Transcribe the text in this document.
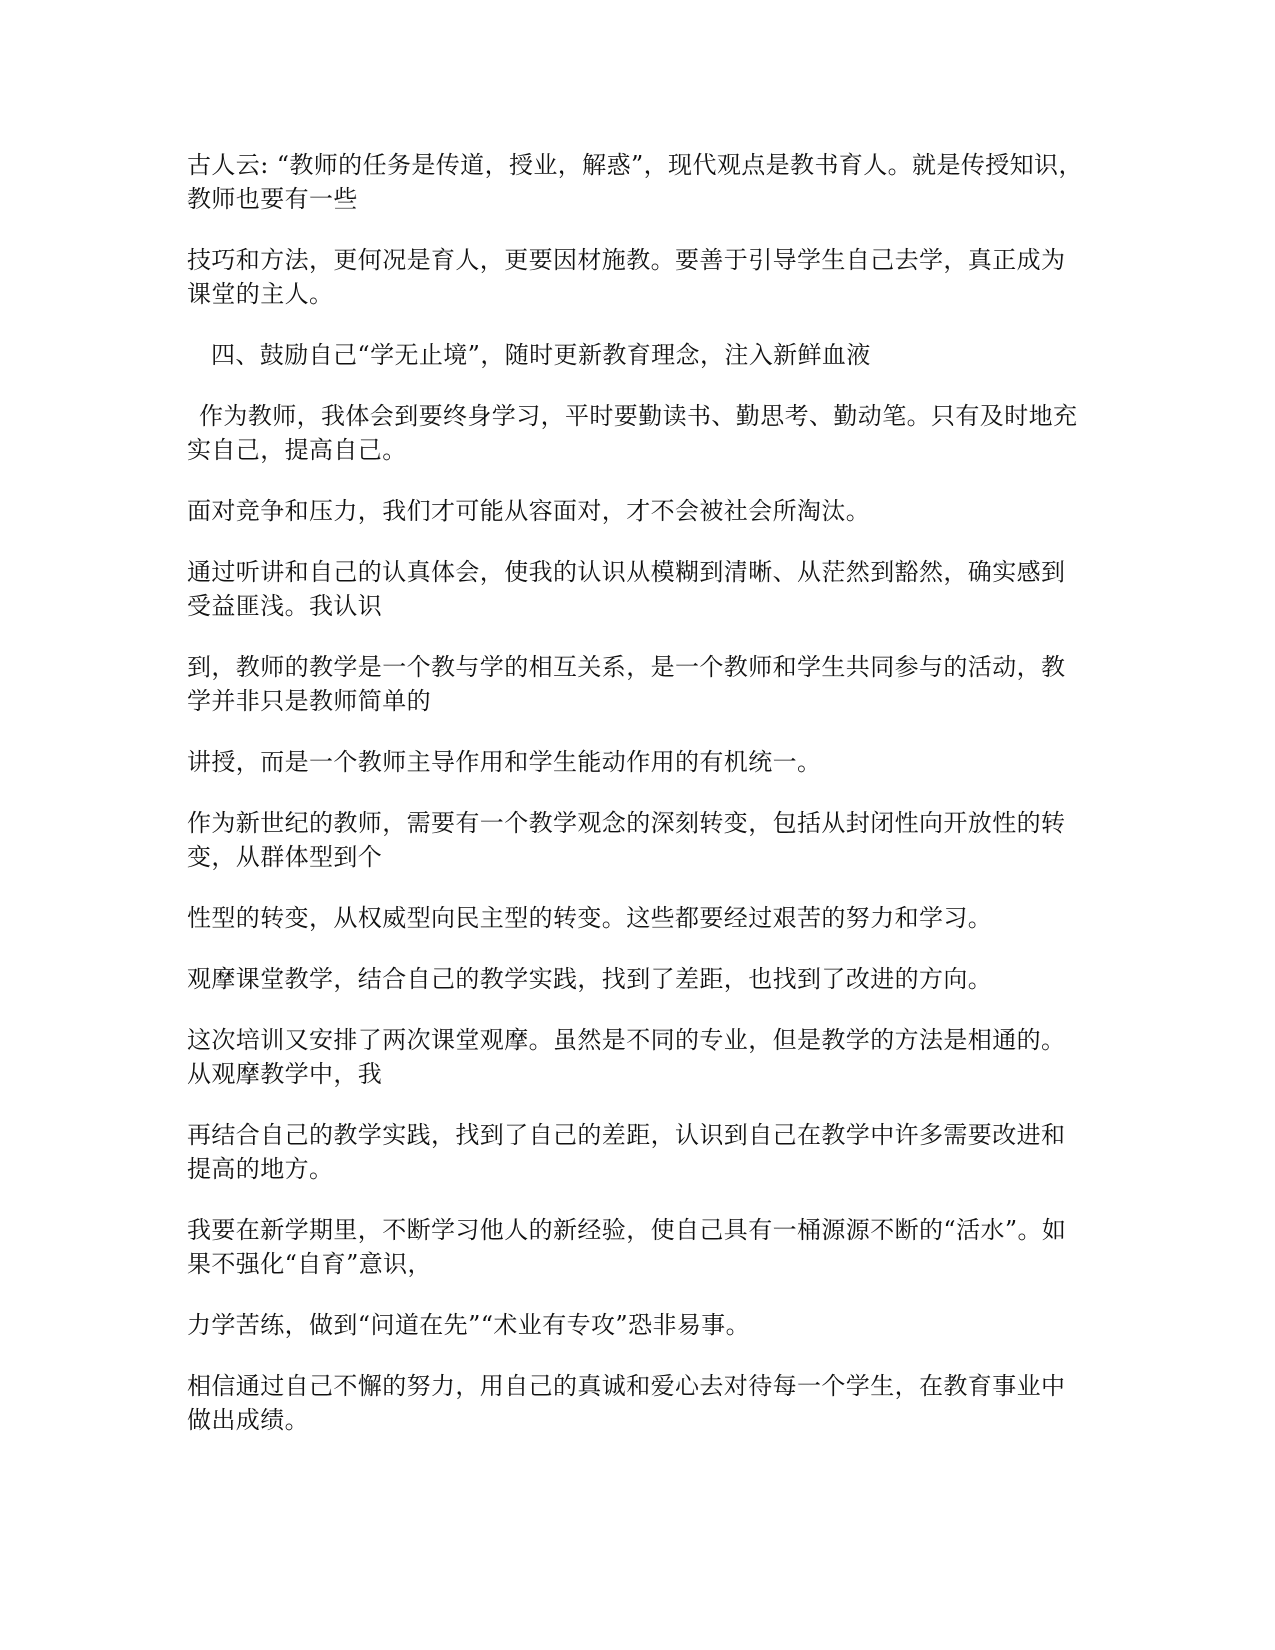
古人云: “教师的任务是传道，授业，解惑”，现代观点是教书育人。就是传授知识，教师也要有一些

技巧和方法，更何况是育人，更要因材施教。要善于引导学生自己去学，真正成为课堂的主人。

四、鼓励自己“学无止境”，随时更新教育理念，注入新鲜血液

作为教师，我体会到要终身学习，平时要勤读书、勤思考、勤动笔。只有及时地充实自己，提高自己。

面对竞争和压力，我们才可能从容面对，才不会被社会所淘汰。

通过听讲和自己的认真体会，使我的认识从模糊到清晰、从茫然到豁然，确实感到受益匪浅。我认识

到，教师的教学是一个教与学的相互关系，是一个教师和学生共同参与的活动，教学并非只是教师简单的

讲授，而是一个教师主导作用和学生能动作用的有机统一。

作为新世纪的教师，需要有一个教学观念的深刻转变，包括从封闭性向开放性的转变，从群体型到个

性型的转变，从权威型向民主型的转变。这些都要经过艰苦的努力和学习。

观摩课堂教学，结合自己的教学实践，找到了差距，也找到了改进的方向。

这次培训又安排了两次课堂观摩。虽然是不同的专业，但是教学的方法是相通的。从观摩教学中，我

再结合自己的教学实践，找到了自己的差距，认识到自己在教学中许多需要改进和提高的地方。

我要在新学期里，不断学习他人的新经验，使自己具有一桶源源不断的“活水”。如果不强化“自育”意识，

力学苦练，做到“问道在先”“术业有专攻”恐非易事。

相信通过自己不懈的努力，用自己的真诚和爱心去对待每一个学生，在教育事业中做出成绩。
